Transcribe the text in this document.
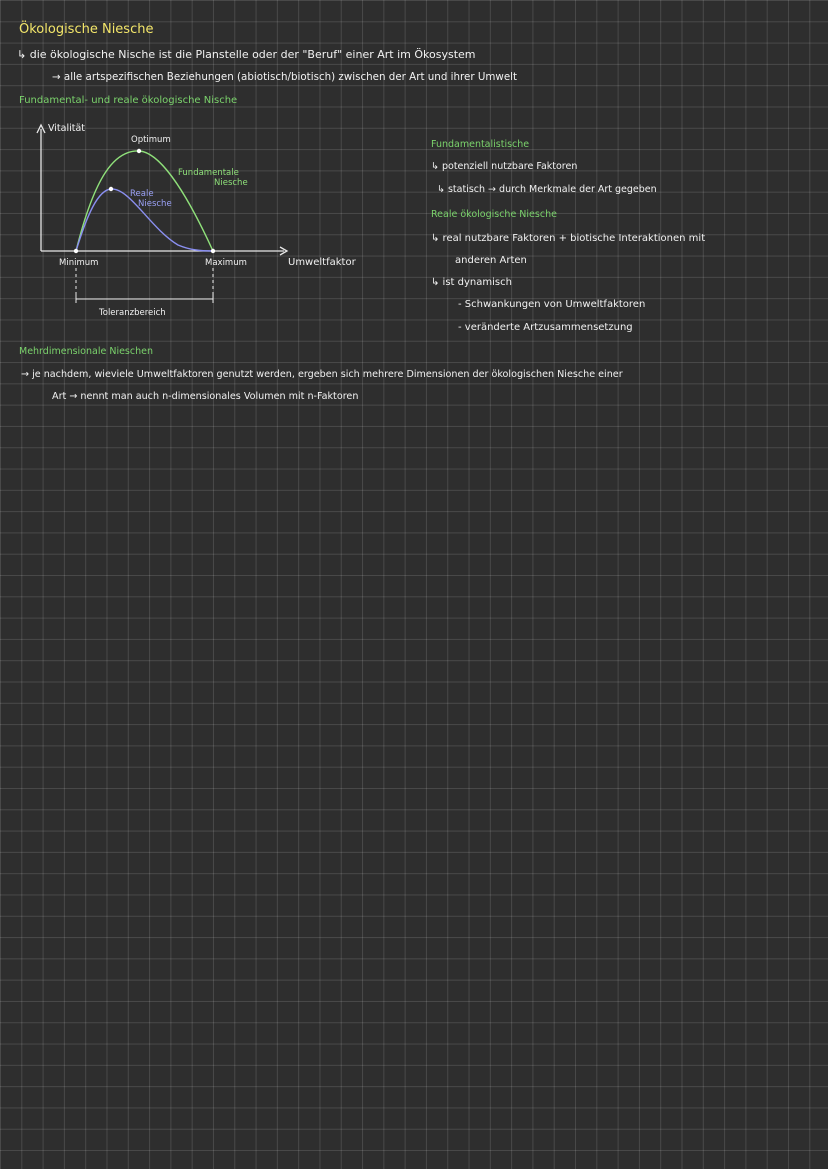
Ökologische Niesche
↳ die ökologische Nische ist die Planstelle oder der "Beruf" einer Art im Ökosystem
→ alle artspezifischen Beziehungen (abiotisch/biotisch) zwischen der Art und ihrer Umwelt
Fundamental- und reale ökologische Nische
Vitalität
Umweltfaktor
Optimum
Fundamentale
Niesche
Reale
Niesche
Minimum	Maximum
Toleranzbereich
Fundamentalistische
↳ potenziell nutzbare Faktoren
↳ statisch → durch Merkmale der Art gegeben
Reale ökologische Niesche
↳ real nutzbare Faktoren + biotische Interaktionen mit
anderen Arten
↳ ist dynamisch
- Schwankungen von Umweltfaktoren
- veränderte Artzusammensetzung
Mehrdimensionale Nieschen
→ je nachdem, wieviele Umweltfaktoren genutzt werden, ergeben sich mehrere Dimensionen der ökologischen Niesche einer
Art → nennt man auch n-dimensionales Volumen mit n-Faktoren
